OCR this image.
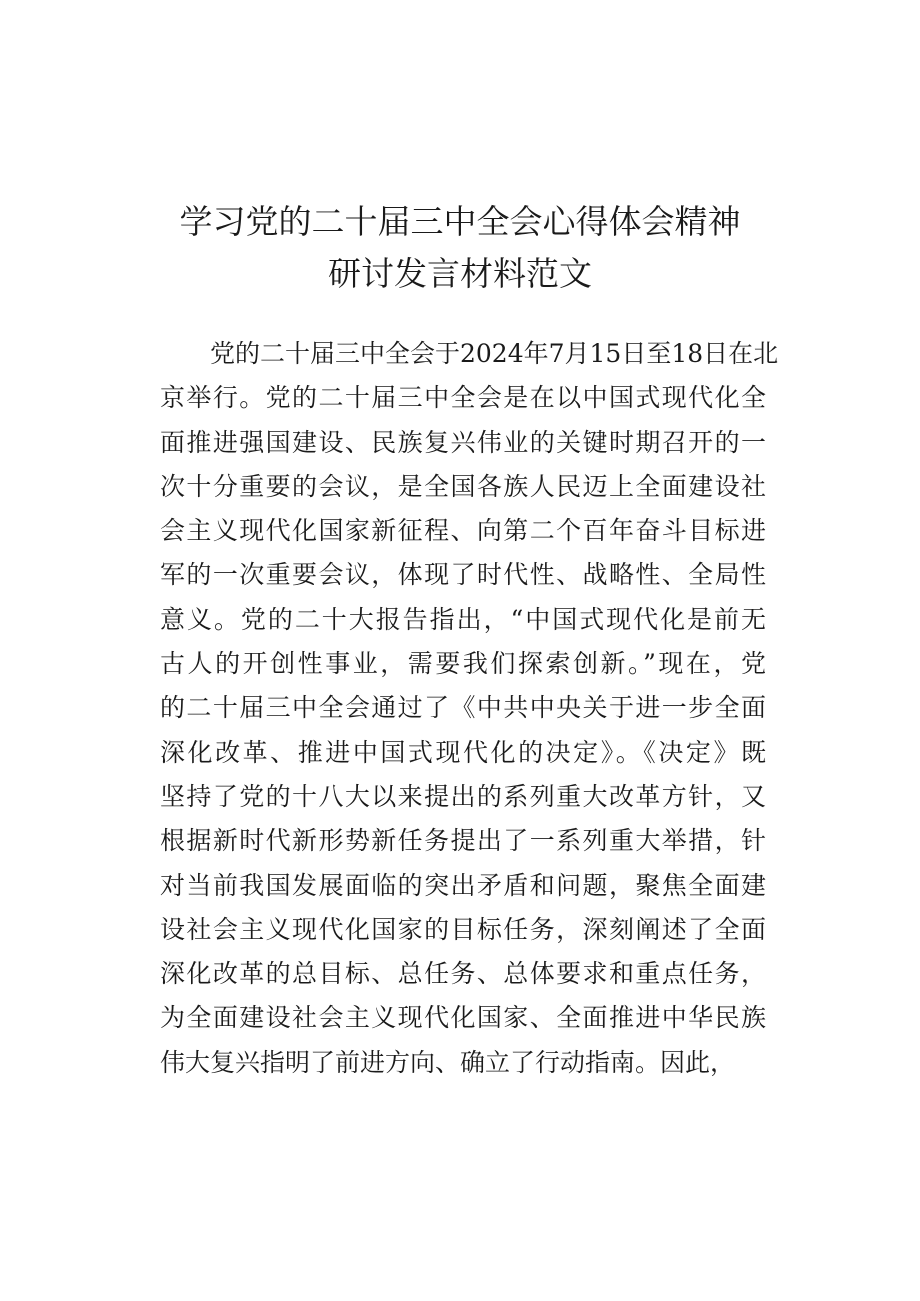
学习党的二十届三中全会心得体会精神
研讨发言材料范文
党的二十届三中全会于2024年7月15日至18日在北
京举行。党的二十届三中全会是在以中国式现代化全
面推进强国建设、民族复兴伟业的关键时期召开的一
次十分重要的会议，是全国各族人民迈上全面建设社
会主义现代化国家新征程、向第二个百年奋斗目标进
军的一次重要会议，体现了时代性、战略性、全局性
意义。党的二十大报告指出，“中国式现代化是前无
古人的开创性事业，需要我们探索创新。”现在，党
的二十届三中全会通过了《中共中央关于进一步全面
深化改革、推进中国式现代化的决定》。《决定》既
坚持了党的十八大以来提出的系列重大改革方针，又
根据新时代新形势新任务提出了一系列重大举措，针
对当前我国发展面临的突出矛盾和问题，聚焦全面建
设社会主义现代化国家的目标任务，深刻阐述了全面
深化改革的总目标、总任务、总体要求和重点任务，
为全面建设社会主义现代化国家、全面推进中华民族
伟大复兴指明了前进方向、确立了行动指南。因此，
